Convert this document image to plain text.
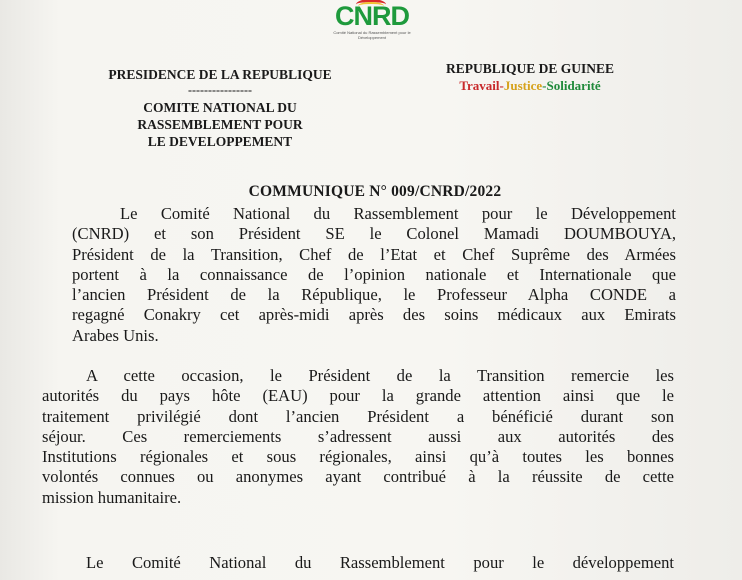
CNRD
Comité National du Rassemblement pour le Développement
PRESIDENCE DE LA REPUBLIQUE
----------------
COMITE NATIONAL DU
RASSEMBLEMENT POUR
LE DEVELOPPEMENT
REPUBLIQUE DE GUINEE
Travail-Justice-Solidarité
COMMUNIQUE N° 009/CNRD/2022
Le Comité National du Rassemblement pour le Développement
(CNRD) et son Président SE le Colonel Mamadi DOUMBOUYA,
Président de la Transition, Chef de l’Etat et Chef Suprême des Armées
portent à la connaissance de l’opinion nationale et Internationale que
l’ancien Président de la République, le Professeur Alpha CONDE a
regagné Conakry cet après-midi après des soins médicaux aux Emirats
Arabes Unis.
A cette occasion, le Président de la Transition remercie les
autorités du pays hôte (EAU) pour la grande attention ainsi que le
traitement privilégié dont l’ancien Président a bénéficié durant son
séjour. Ces remerciements s’adressent aussi aux autorités des
Institutions régionales et sous régionales, ainsi qu’à toutes les bonnes
volontés connues ou anonymes ayant contribué à la réussite de cette
mission humanitaire.
Le Comité National du Rassemblement pour le développement
